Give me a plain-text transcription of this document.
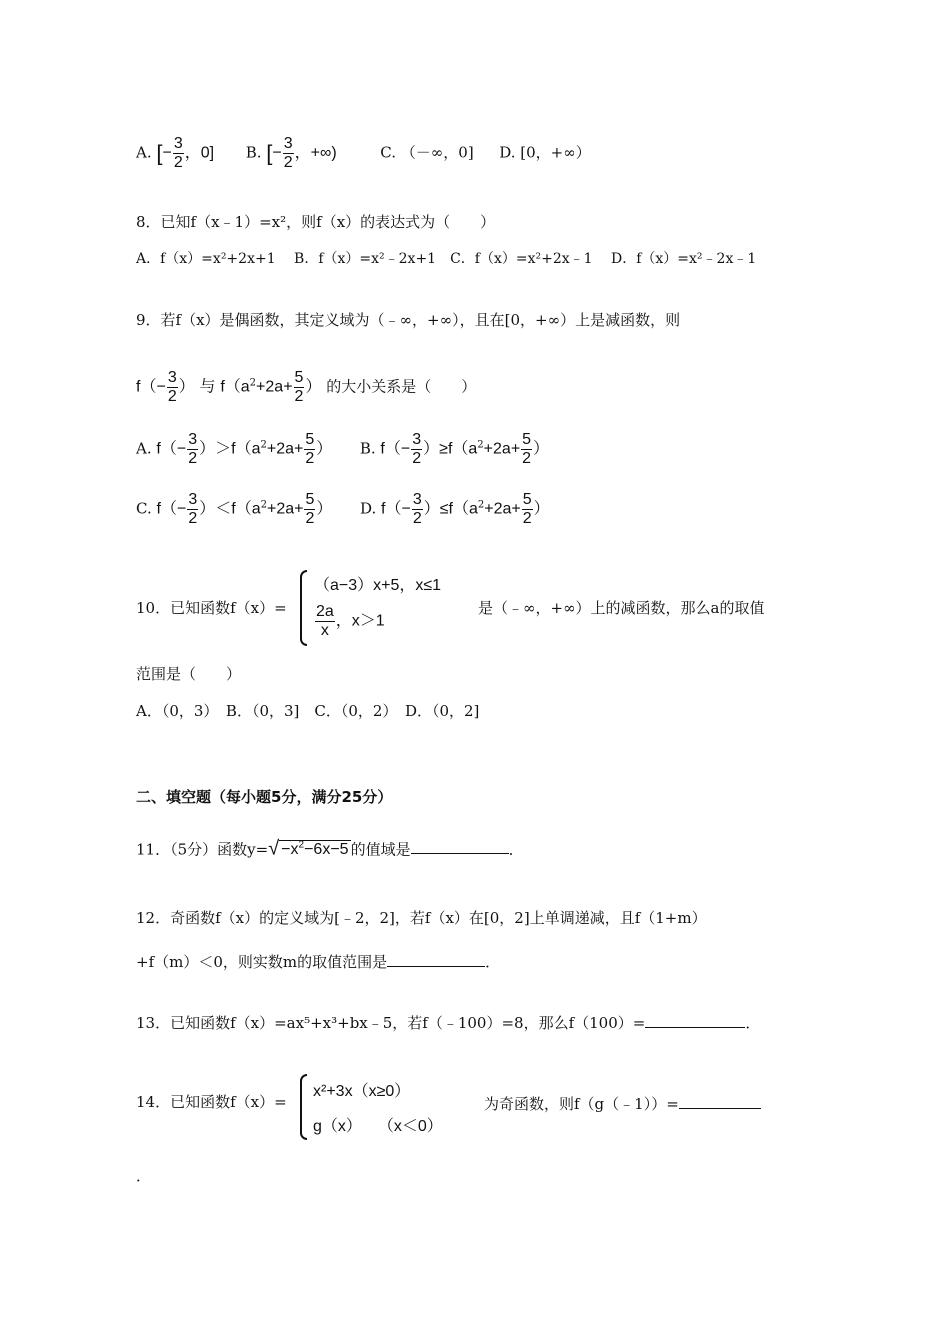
A. [− $\frac{3}{2}$ ，0] B. [− $\frac{3}{2}$ ，+∞)	C. （－∞，0] D. [0，+∞）
8．已知f（x﹣1）=x²，则f（x）的表达式为（　　）
A．f（x）=x²+2x+1　 B．f（x）=x²﹣2x+1　C．f（x）=x²+2x﹣1　 D．f（x）=x²﹣2x﹣1
9．若f（x）是偶函数，其定义域为（﹣∞，+∞），且在[0，+∞）上是减函数，则
$f(- \frac{3}{2}$ ） 与 $f(a^2+2a+ \frac{5}{2}$ ） 的大小关系是（　　）
A. $f(- \frac{3}{2} )>f(a^2+2a+ \frac{5}{2}$ ） B. $f(- \frac{3}{2} )\ge f(a^2+2a+ \frac{5}{2}$ ）
C. $f(- \frac{3}{2} )<f(a^2+2a+ \frac{5}{2}$ ） D. $f(- \frac{3}{2} )\le f(a^2+2a+ \frac{5}{2}$ ）
10．已知函数f（x）=
（a−3）x+5，x≤1
$\frac{2a}{x}$ ，x＞1
是（﹣∞，+∞）上的减函数，那么a的取值
范围是（　　）
A．（0，3）　B．（0，3]　C．（0，2）　D．（0，2]
二、填空题（每小题5分，满分25分）
11．（5分）函数$y=√ -x^2-6x-5$ 的值域是	．
12．奇函数f（x）的定义域为[﹣2，2]，若f（x）在[0，2]上单调递减，且f（1+m）
+f（m）＜0，则实数m的取值范围是	．
13．已知函数f（x）=ax⁵+x³+bx﹣5，若f（﹣100）=8，那么f（100）=	．
14．已知函数f（x）=
x²+3x（x≥0）
g（x）　　（x＜0）
为奇函数，则f（g（﹣1））=
．
